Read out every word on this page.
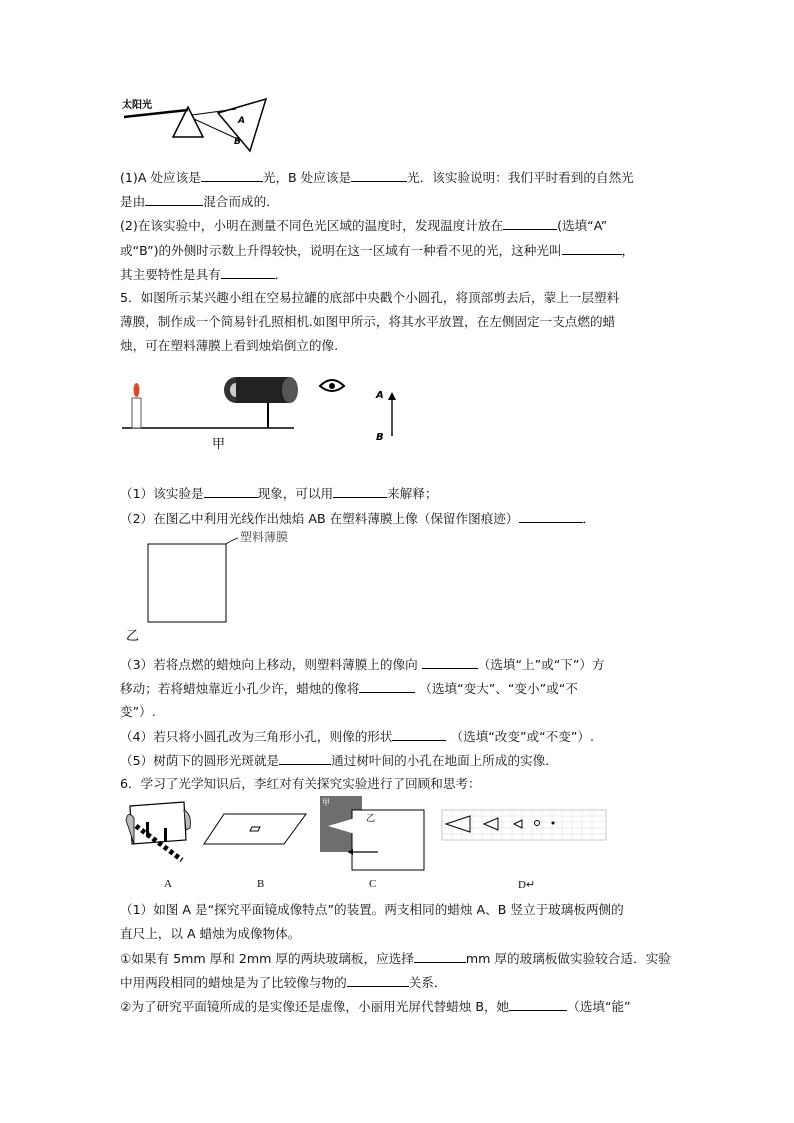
太阳光
A
B
(1)A 处应该是	光，B 处应该是	光．该实验说明：我们平时看到的自然光
是由	混合而成的．
(2)在该实验中，小明在测量不同色光区域的温度时，发现温度计放在	(选填“A”
或“B”)的外侧时示数上升得较快，说明在这一区域有一种看不见的光，这种光叫	，
其主要特性是具有	．
5．如图所示某兴趣小组在空易拉罐的底部中央戳个小圆孔，将顶部剪去后，蒙上一层塑料
薄膜，制作成一个简易针孔照相机.如图甲所示，将其水平放置，在左侧固定一支点燃的蜡
烛，可在塑料薄膜上看到烛焰倒立的像.
A
B
甲
（1）该实验是	现象，可以用	来解释；
（2）在图乙中利用光线作出烛焰 AB 在塑料薄膜上像（保留作图痕迹）	．
塑料薄膜
乙
（3）若将点燃的蜡烛向上移动，则塑料薄膜上的像向	（选填“上”或“下”）方
移动；若将蜡烛靠近小孔少许，蜡烛的像将	（选填“变大”、“变小”或“不
变”）.
（4）若只将小圆孔改为三角形小孔，则像的形状	（选填“改变”或“不变”）.
（5）树荫下的圆形光斑就是	通过树叶间的小孔在地面上所成的实像．
6．学习了光学知识后，李红对有关探究实验进行了回顾和思考：
甲
乙
A	B	C	D↵
（1）如图 A 是“探究平面镜成像特点”的装置。两支相同的蜡烛 A、B 竖立于玻璃板两侧的
直尺上，以 A 蜡烛为成像物体。
①如果有 5mm 厚和 2mm 厚的两块玻璃板，应选择	mm 厚的玻璃板做实验较合适．实验
中用两段相同的蜡烛是为了比较像与物的	关系．
②为了研究平面镜所成的是实像还是虚像，小丽用光屏代替蜡烛 B，她	（选填“能”
